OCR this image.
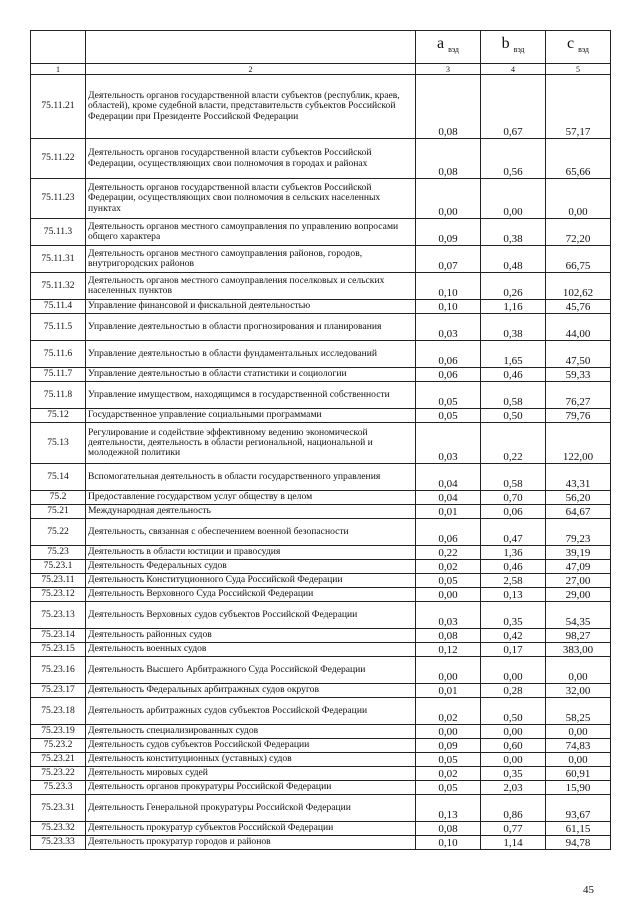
		a $_{вэд}$	b $_{вэд}$	c $_{вэд}$
1	2	3	4	5
75.11.21	Деятельность органов государственной власти субъектов (республик, краев, областей), кроме судебной власти, представительств субъектов Российской Федерации при Президенте Российской Федерации	0,08	0,67	57,17
75.11.22	Деятельность органов государственной власти субъектов Российской Федерации, осуществляющих свои полномочия в городах и районах	0,08	0,56	65,66
75.11.23	Деятельность органов государственной власти субъектов Российской Федерации, осуществляющих свои полномочия в сельских населенных пунктах	0,00	0,00	0,00
75.11.3	Деятельность органов местного самоуправления по управлению вопросами общего характера	0,09	0,38	72,20
75.11.31	Деятельность органов местного самоуправления районов, городов, внутригородских районов	0,07	0,48	66,75
75.11.32	Деятельность органов местного самоуправления поселковых и сельских населенных пунктов	0,10	0,26	102,62
75.11.4	Управление финансовой и фискальной деятельностью	0,10	1,16	45,76
75.11.5	Управление деятельностью в области прогнозирования и планирования	0,03	0,38	44,00
75.11.6	Управление деятельностью в области фундаментальных исследований	0,06	1,65	47,50
75.11.7	Управление деятельностью в области статистики и социологии	0,06	0,46	59,33
75.11.8	Управление имуществом, находящимся в государственной собственности	0,05	0,58	76,27
75.12	Государственное управление социальными программами	0,05	0,50	79,76
75.13	Регулирование и содействие эффективному ведению экономической деятельности, деятельность в области региональной, национальной и молодежной политики	0,03	0,22	122,00
75.14	Вспомогательная деятельность в области государственного управления	0,04	0,58	43,31
75.2	Предоставление государством услуг обществу в целом	0,04	0,70	56,20
75.21	Международная деятельность	0,01	0,06	64,67
75.22	Деятельность, связанная с обеспечением военной безопасности	0,06	0,47	79,23
75.23	Деятельность в области юстиции и правосудия	0,22	1,36	39,19
75.23.1	Деятельность Федеральных судов	0,02	0,46	47,09
75.23.11	Деятельность Конституционного Суда Российской Федерации	0,05	2,58	27,00
75.23.12	Деятельность Верховного Суда Российской Федерации	0,00	0,13	29,00
75.23.13	Деятельность Верховных судов субъектов Российской Федерации	0,03	0,35	54,35
75.23.14	Деятельность районных судов	0,08	0,42	98,27
75.23.15	Деятельность военных судов	0,12	0,17	383,00
75.23.16	Деятельность Высшего Арбитражного Суда Российской Федерации	0,00	0,00	0,00
75.23.17	Деятельность Федеральных арбитражных судов округов	0,01	0,28	32,00
75.23.18	Деятельность арбитражных судов субъектов Российской Федерации	0,02	0,50	58,25
75.23.19	Деятельность специализированных судов	0,00	0,00	0,00
75.23.2	Деятельность судов субъектов Российской Федерации	0,09	0,60	74,83
75.23.21	Деятельность конституционных (уставных) судов	0,05	0,00	0,00
75.23.22	Деятельность мировых судей	0,02	0,35	60,91
75.23.3	Деятельность органов прокуратуры Российской Федерации	0,05	2,03	15,90
75.23.31	Деятельность Генеральной прокуратуры Российской Федерации	0,13	0,86	93,67
75.23.32	Деятельность прокуратур субъектов Российской Федерации	0,08	0,77	61,15
75.23.33	Деятельность прокуратур городов и районов	0,10	1,14	94,78
45
